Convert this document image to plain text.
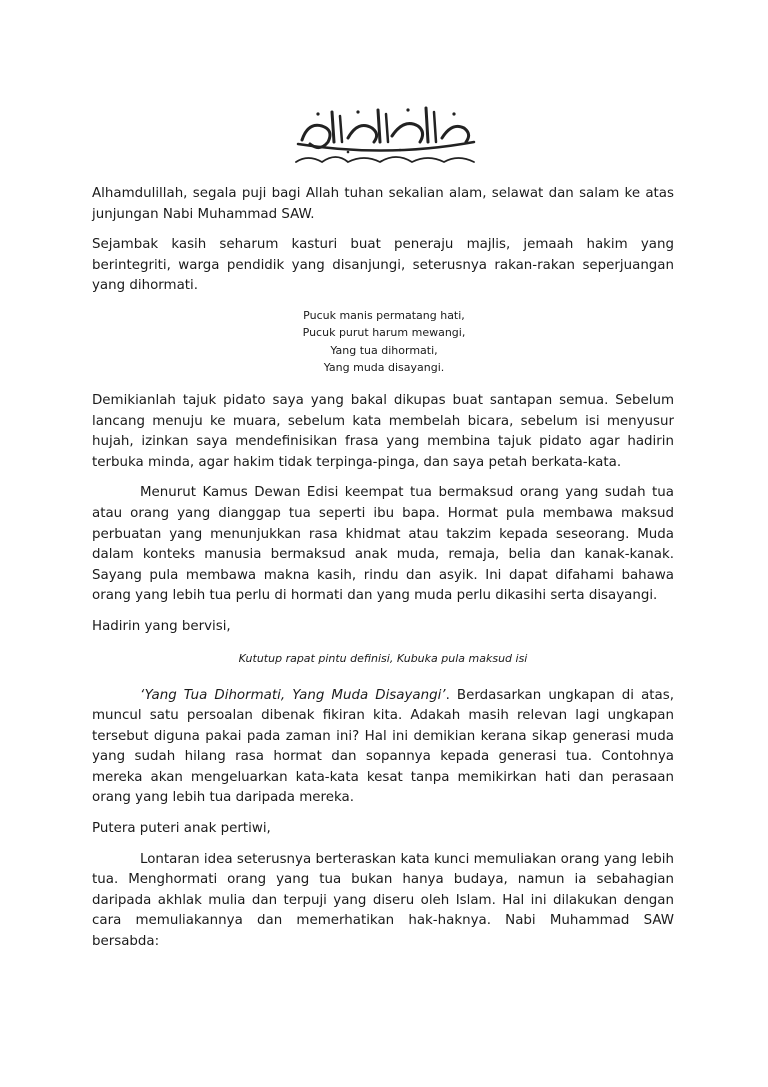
Alhamdulillah, segala puji bagi Allah tuhan sekalian alam, selawat dan salam ke atas junjungan Nabi Muhammad SAW.

Sejambak kasih seharum kasturi buat peneraju majlis, jemaah hakim yang berintegriti, warga pendidik yang disanjungi, seterusnya rakan-rakan seperjuangan yang dihormati.

Pucuk manis permatang hati,
Pucuk purut harum mewangi,
Yang tua dihormati,
Yang muda disayangi.

Demikianlah tajuk pidato saya yang bakal dikupas buat santapan semua. Sebelum lancang menuju ke muara, sebelum kata membelah bicara, sebelum isi menyusur hujah, izinkan saya mendefinisikan frasa yang membina tajuk pidato agar hadirin terbuka minda, agar hakim tidak terpinga-pinga, dan saya petah berkata-kata.

Menurut Kamus Dewan Edisi keempat tua bermaksud orang yang sudah tua atau orang yang dianggap tua seperti ibu bapa. Hormat pula membawa maksud perbuatan yang menunjukkan rasa khidmat atau takzim kepada seseorang. Muda dalam konteks manusia bermaksud anak muda, remaja, belia dan kanak-kanak. Sayang pula membawa makna kasih, rindu dan asyik. Ini dapat difahami bahawa orang yang lebih tua perlu di hormati dan yang muda perlu dikasihi serta disayangi.

Hadirin yang bervisi,

Kututup rapat pintu definisi, Kubuka pula maksud isi

‘Yang Tua Dihormati, Yang Muda Disayangi’. Berdasarkan ungkapan di atas, muncul satu persoalan dibenak fikiran kita. Adakah masih relevan lagi ungkapan tersebut diguna pakai pada zaman ini? Hal ini demikian kerana sikap generasi muda yang sudah hilang rasa hormat dan sopannya kepada generasi tua. Contohnya mereka akan mengeluarkan kata-kata kesat tanpa memikirkan hati dan perasaan orang yang lebih tua daripada mereka.

Putera puteri anak pertiwi,

Lontaran idea seterusnya berteraskan kata kunci memuliakan orang yang lebih tua. Menghormati orang yang tua bukan hanya budaya, namun ia sebahagian daripada akhlak mulia dan terpuji yang diseru oleh Islam. Hal ini dilakukan dengan cara memuliakannya dan memerhatikan hak-haknya. Nabi Muhammad SAW bersabda:
